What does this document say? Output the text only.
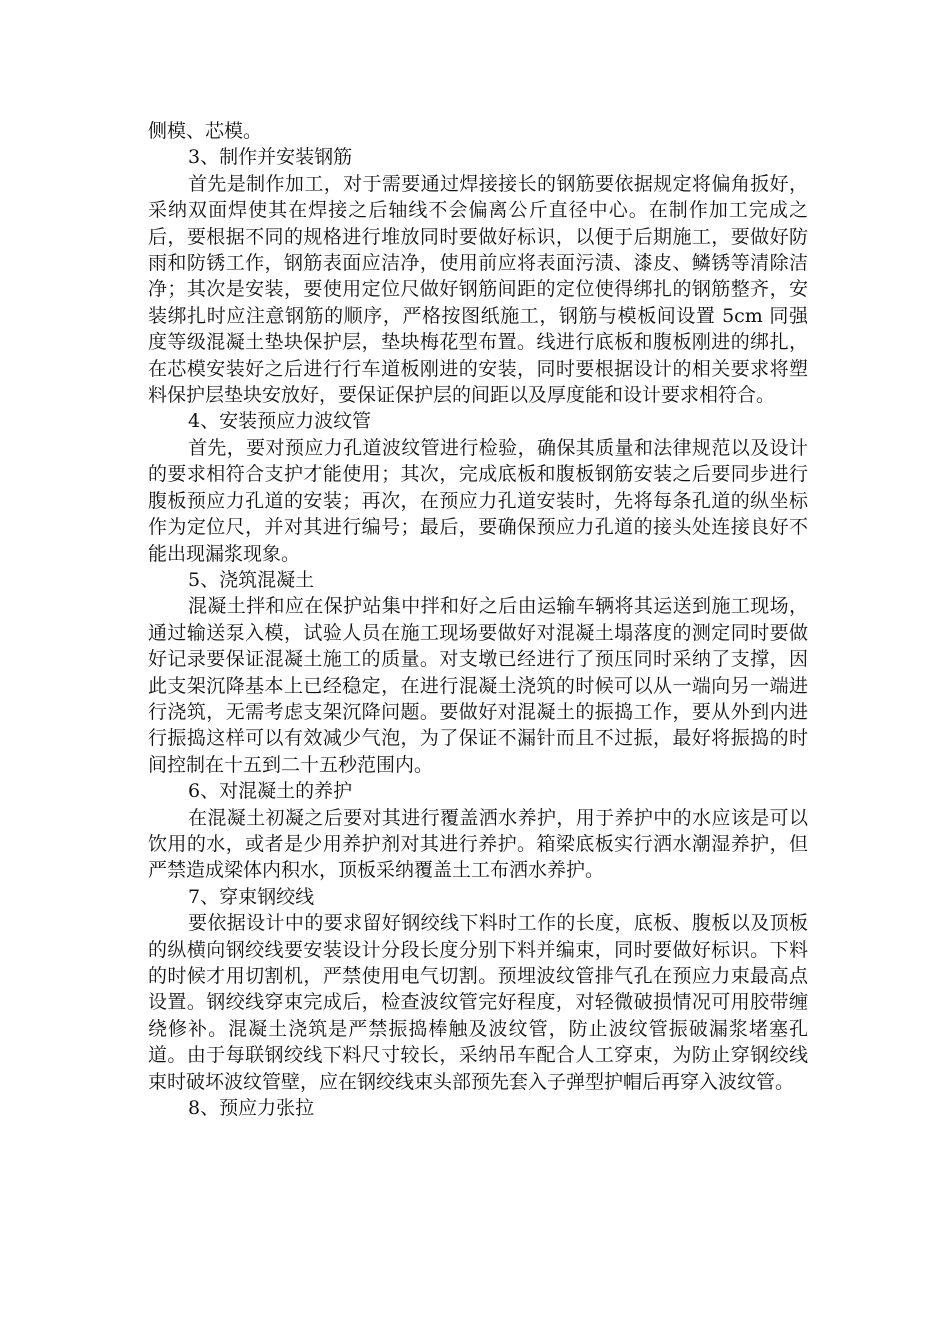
侧模、芯模。

3、制作并安装钢筋

首先是制作加工，对于需要通过焊接接长的钢筋要依据规定将偏角扳好，采纳双面焊使其在焊接之后轴线不会偏离公斤直径中心。在制作加工完成之后，要根据不同的规格进行堆放同时要做好标识，以便于后期施工，要做好防雨和防锈工作，钢筋表面应洁净，使用前应将表面污渍、漆皮、鳞锈等清除洁净；其次是安装，要使用定位尺做好钢筋间距的定位使得绑扎的钢筋整齐，安装绑扎时应注意钢筋的顺序，严格按图纸施工，钢筋与模板间设置 5cm 同强度等级混凝土垫块保护层，垫块梅花型布置。线进行底板和腹板刚进的绑扎，在芯模安装好之后进行行车道板刚进的安装，同时要根据设计的相关要求将塑料保护层垫块安放好，要保证保护层的间距以及厚度能和设计要求相符合。

4、安装预应力波纹管

首先，要对预应力孔道波纹管进行检验，确保其质量和法律规范以及设计的要求相符合支护才能使用；其次，完成底板和腹板钢筋安装之后要同步进行腹板预应力孔道的安装；再次，在预应力孔道安装时，先将每条孔道的纵坐标作为定位尺，并对其进行编号；最后，要确保预应力孔道的接头处连接良好不能出现漏浆现象。

5、浇筑混凝土

混凝土拌和应在保护站集中拌和好之后由运输车辆将其运送到施工现场，通过输送泵入模，试验人员在施工现场要做好对混凝土塌落度的测定同时要做好记录要保证混凝土施工的质量。对支墩已经进行了预压同时采纳了支撑，因此支架沉降基本上已经稳定，在进行混凝土浇筑的时候可以从一端向另一端进行浇筑，无需考虑支架沉降问题。要做好对混凝土的振捣工作，要从外到内进行振捣这样可以有效减少气泡，为了保证不漏针而且不过振，最好将振捣的时间控制在十五到二十五秒范围内。

6、对混凝土的养护

在混凝土初凝之后要对其进行覆盖洒水养护，用于养护中的水应该是可以饮用的水，或者是少用养护剂对其进行养护。箱梁底板实行洒水潮湿养护，但严禁造成梁体内积水，顶板采纳覆盖土工布洒水养护。

7、穿束钢绞线

要依据设计中的要求留好钢绞线下料时工作的长度，底板、腹板以及顶板的纵横向钢绞线要安装设计分段长度分别下料并编束，同时要做好标识。下料的时候才用切割机，严禁使用电气切割。预埋波纹管排气孔在预应力束最高点设置。钢绞线穿束完成后，检查波纹管完好程度，对轻微破损情况可用胶带缠绕修补。混凝土浇筑是严禁振捣棒触及波纹管，防止波纹管振破漏浆堵塞孔道。由于每联钢绞线下料尺寸较长，采纳吊车配合人工穿束，为防止穿钢绞线束时破坏波纹管壁，应在钢绞线束头部预先套入子弹型护帽后再穿入波纹管。

8、预应力张拉
